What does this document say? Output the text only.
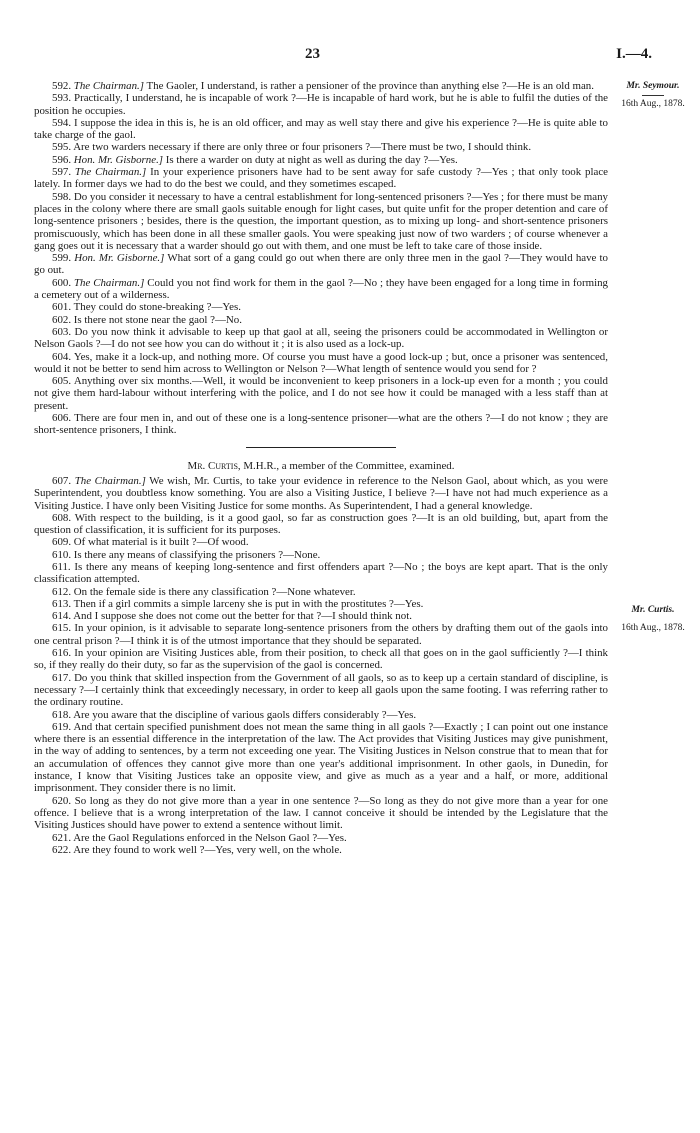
23	I.—4.

592. The Chairman.] The Gaoler, I understand, is rather a pensioner of the province than anything else ?—He is an old man.

593. Practically, I understand, he is incapable of work ?—He is incapable of hard work, but he is able to fulfil the duties of the position he occupies.

594. I suppose the idea in this is, he is an old officer, and may as well stay there and give his experience ?—He is quite able to take charge of the gaol.

595. Are two warders necessary if there are only three or four prisoners ?—There must be two, I should think.

596. Hon. Mr. Gisborne.] Is there a warder on duty at night as well as during the day ?—Yes.

597. The Chairman.] In your experience prisoners have had to be sent away for safe custody ?—Yes ; that only took place lately. In former days we had to do the best we could, and they sometimes escaped.

598. Do you consider it necessary to have a central establishment for long-sentenced prisoners ?—Yes ; for there must be many places in the colony where there are small gaols suitable enough for light cases, but quite unfit for the proper detention and care of long-sentence prisoners ; besides, there is the question, the important question, as to mixing up long- and short-sentence prisoners promiscuously, which has been done in all these smaller gaols. You were speaking just now of two warders ; of course whenever a gang goes out it is necessary that a warder should go out with them, and one must be left to take care of those inside.

599. Hon. Mr. Gisborne.] What sort of a gang could go out when there are only three men in the gaol ?—They would have to go out.

600. The Chairman.] Could you not find work for them in the gaol ?—No ; they have been engaged for a long time in forming a cemetery out of a wilderness.

601. They could do stone-breaking ?—Yes.

602. Is there not stone near the gaol ?—No.

603. Do you now think it advisable to keep up that gaol at all, seeing the prisoners could be accommodated in Wellington or Nelson Gaols ?—I do not see how you can do without it ; it is also used as a lock-up.

604. Yes, make it a lock-up, and nothing more. Of course you must have a good lock-up ; but, once a prisoner was sentenced, would it not be better to send him across to Wellington or Nelson ?—What length of sentence would you send for ?

605. Anything over six months.—Well, it would be inconvenient to keep prisoners in a lock-up even for a month ; you could not give them hard-labour without interfering with the police, and I do not see how it could be managed with a less staff than at present.

606. There are four men in, and out of these one is a long-sentence prisoner—what are the others ?—I do not know ; they are short-sentence prisoners, I think.

Mr. Curtis, M.H.R., a member of the Committee, examined.

607. The Chairman.] We wish, Mr. Curtis, to take your evidence in reference to the Nelson Gaol, about which, as you were Superintendent, you doubtless know something. You are also a Visiting Justice, I believe ?—I have not had much experience as a Visiting Justice. I have only been Visiting Justice for some months. As Superintendent, I had a general knowledge.

608. With respect to the building, is it a good gaol, so far as construction goes ?—It is an old building, but, apart from the question of classification, it is sufficient for its purposes.

609. Of what material is it built ?—Of wood.

610. Is there any means of classifying the prisoners ?—None.

611. Is there any means of keeping long-sentence and first offenders apart ?—No ; the boys are kept apart. That is the only classification attempted.

612. On the female side is there any classification ?—None whatever.

613. Then if a girl commits a simple larceny she is put in with the prostitutes ?—Yes.

614. And I suppose she does not come out the better for that ?—I should think not.

615. In your opinion, is it advisable to separate long-sentence prisoners from the others by drafting them out of the gaols into one central prison ?—I think it is of the utmost importance that they should be separated.

616. In your opinion are Visiting Justices able, from their position, to check all that goes on in the gaol sufficiently ?—I think so, if they really do their duty, so far as the supervision of the gaol is concerned.

617. Do you think that skilled inspection from the Government of all gaols, so as to keep up a certain standard of discipline, is necessary ?—I certainly think that exceedingly necessary, in order to keep all gaols upon the same footing. I was referring rather to the ordinary routine.

618. Are you aware that the discipline of various gaols differs considerably ?—Yes.

619. And that certain specified punishment does not mean the same thing in all gaols ?—Exactly ; I can point out one instance where there is an essential difference in the interpretation of the law. The Act provides that Visiting Justices may give punishment, in the way of adding to sentences, by a term not exceeding one year. The Visiting Justices in Nelson construe that to mean that for an accumulation of offences they cannot give more than one year's additional imprisonment. In other gaols, in Dunedin, for instance, I know that Visiting Justices take an opposite view, and give as much as a year and a half, or more, additional imprisonment. They consider there is no limit.

620. So long as they do not give more than a year in one sentence ?—So long as they do not give more than a year for one offence. I believe that is a wrong interpretation of the law. I cannot conceive it should be intended by the Legislature that the Visiting Justices should have power to extend a sentence without limit.

621. Are the Gaol Regulations enforced in the Nelson Gaol ?—Yes.

622. Are they found to work well ?—Yes, very well, on the whole.

Mr. Seymour.
16th Aug., 1878.
Mr. Curtis.
16th Aug., 1878.
